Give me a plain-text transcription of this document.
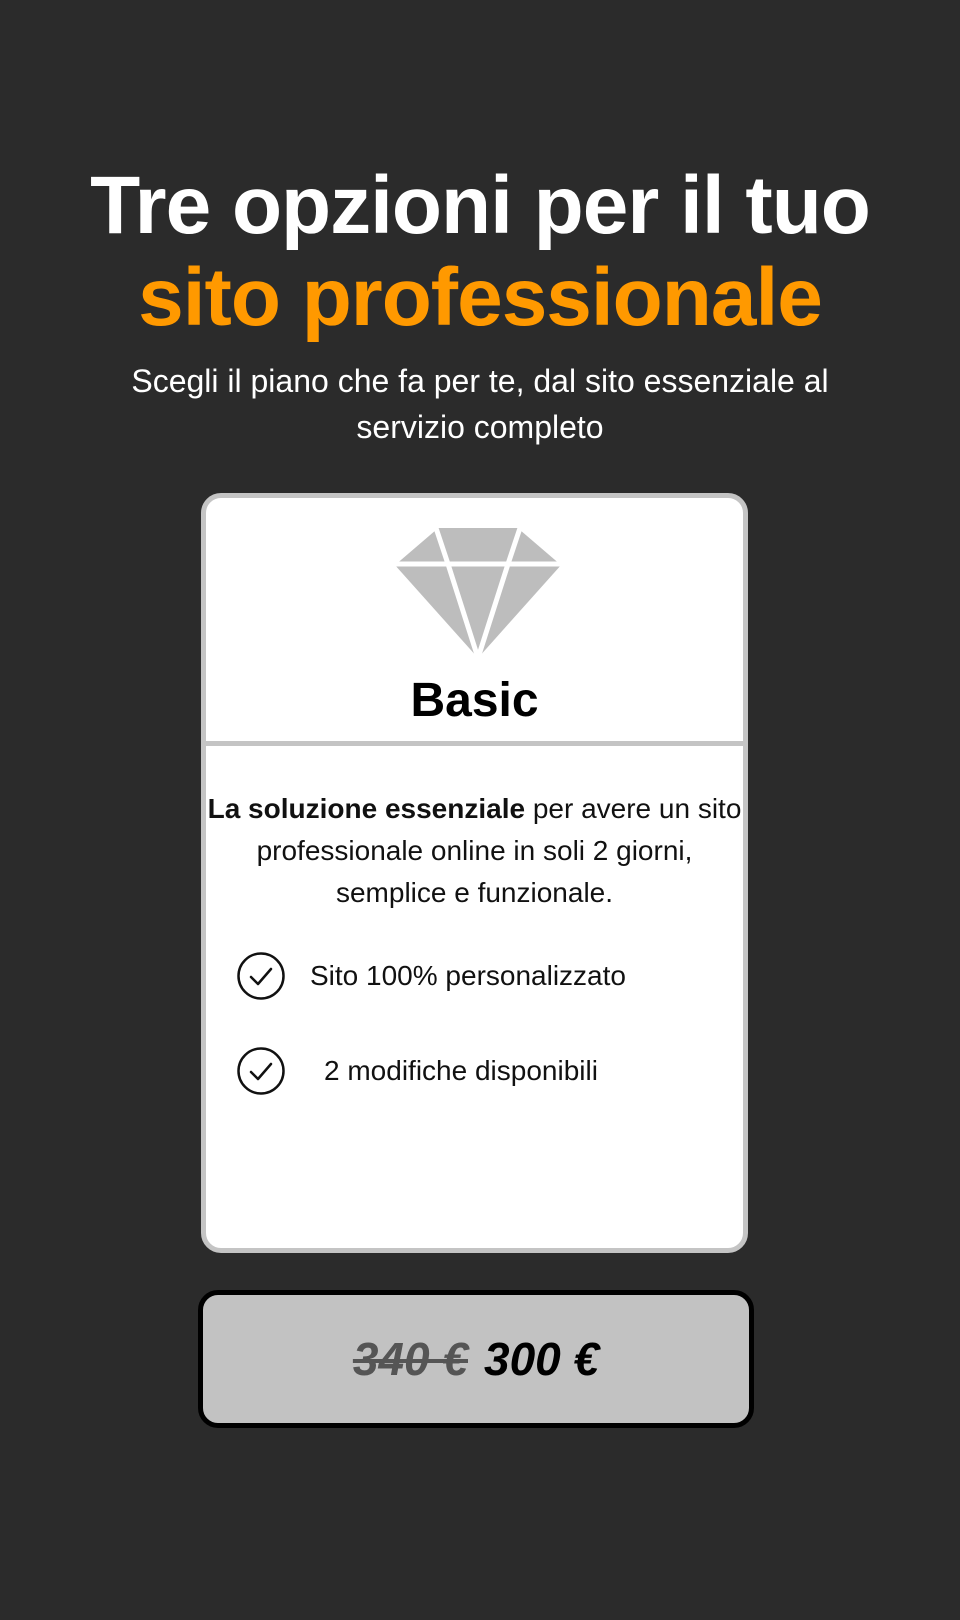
Tre opzioni per il tuo
sito professionale
Scegli il piano che fa per te, dal sito essenziale al servizio completo
Basic
La soluzione essenziale per avere un sito professionale online in soli 2 giorni, semplice e funzionale.
Sito 100% personalizzato
2 modifiche disponibili
340 € 300 €
